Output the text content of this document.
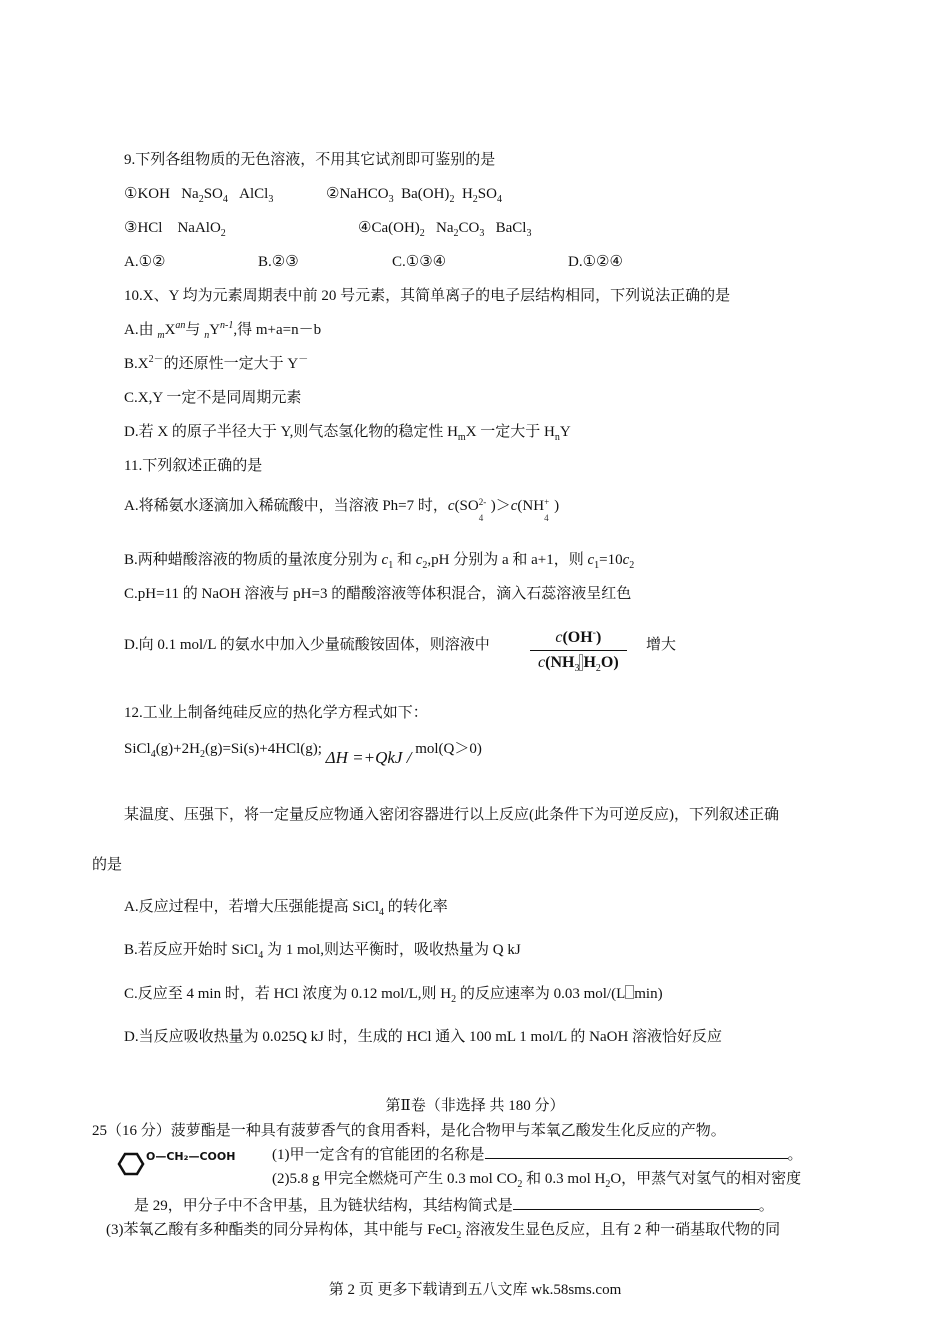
9.下列各组物质的无色溶液，不用其它试剂即可鉴别的是
①KOH $Na_2SO_4$ AlCl$_3$	②NaHCO$_3$ $Ba(OH)_2$ $H_2SO_4$
③HCl NaAlO$_2$	$④Ca(OH)_2$ $Na_2CO_3$ BaCl$_3$
A.①②	B.②③	C.①③④	D.①②④
10.X、Y 均为元素周期表中前 20 号元素，其简单离子的电子层结构相同，下列说法正确的是
A.由 $_mX^{an}$与 $_nY^{n-1}$,得 m+a=n－b
$B.X^{2-}$的还原性一定大于 Y－
C.X,Y 一定不是同周期元素
D.若 X 的原子半径大于 Y,则气态氢化物的稳定性 $H_mX$ 一定大于 $H_nY$
11.下列叙述正确的是
A.将稀氨水逐滴加入稀硫酸中，当溶液 Ph=7 时，c(SO 2-
4
)＞c(NH +
4
)
B.两种蜡酸溶液的物质的量浓度分别为 $c_1$ 和 $c_2,pH$ 分别为 a 和 a+1，则 $c_1=10c_2$
C.pH=11 的 NaOH 溶液与 pH=3 的醋酸溶液等体积混合，滴入石蕊溶液呈红色
D.向 0.1 mol/L 的氨水中加入少量硫酸铵固体，则溶液中	$\frac{c(OH^-)}{c(NH_3 H_2O)}$ 增大
12.工业上制备纯硅反应的热化学方程式如下：
$SiCl_4(g)+2H_2(g)=Si(s)+4HCl(g)$; ΔH =+QkJ / mol(Q＞0)
某温度、压强下，将一定量反应物通入密闭容器进行以上反应(此条件下为可逆反应)，下列叙述正确
的是
A.反应过程中，若增大压强能提高 SiCl$_4$ 的转化率
B.若反应开始时 SiCl$_4$ 为 1 mol,则达平衡时，吸收热量为 Q kJ
C.反应至 4 min 时，若 HCl 浓度为 0.12 mol/L,则 $H_2$ 的反应速率为 0.03 mol/(L min)
D.当反应吸收热量为 0.025Q kJ 时，生成的 HCl 通入 100 mL 1 mol/L 的 NaOH 溶液恰好反应
第Ⅱ卷（非选择 共 180 分）
25（16 分）菠萝酯是一种具有菠萝香气的食用香料，是化合物甲与苯氧乙酸发生化反应的产物。
O—CH₂—COOH (1)甲一定含有的官能团的名称是	。
(2)5.8 g 甲完全燃烧可产生 0.3 mol $CO_2$ 和 0.3 mol $H_2O$，甲蒸气对氢气的相对密度
是 29，甲分子中不含甲基，且为链状结构，其结构简式是	。
(3)苯氧乙酸有多种酯类的同分异构体，其中能与 FeCl$_2$ 溶液发生显色反应，且有 2 种一硝基取代物的同
第 2 页 更多下载请到五八文库 wk.58sms.com
